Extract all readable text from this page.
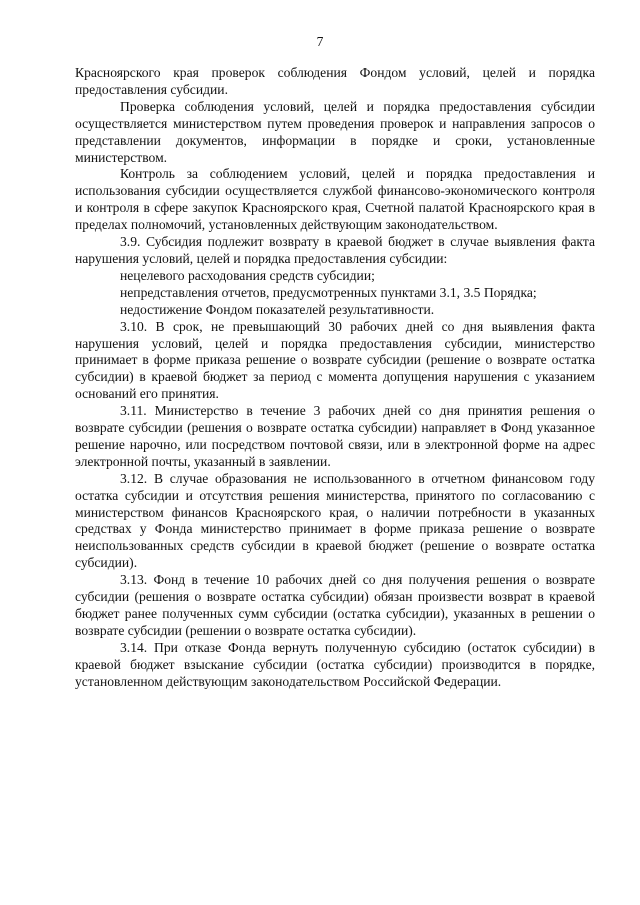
7

Красноярского края проверок соблюдения Фондом условий, целей и порядка предоставления субсидии.

Проверка соблюдения условий, целей и порядка предоставления субсидии осуществляется министерством путем проведения проверок и направления запросов о представлении документов, информации в порядке и сроки, установленные министерством.

Контроль за соблюдением условий, целей и порядка предоставления и использования субсидии осуществляется службой финансово-экономического контроля и контроля в сфере закупок Красноярского края, Счетной палатой Красноярского края в пределах полномочий, установленных действующим законодательством.

3.9. Субсидия подлежит возврату в краевой бюджет в случае выявления факта нарушения условий, целей и порядка предоставления субсидии:

нецелевого расходования средств субсидии;

непредставления отчетов, предусмотренных пунктами 3.1, 3.5 Порядка;

недостижение Фондом показателей результативности.

3.10. В срок, не превышающий 30 рабочих дней со дня выявления факта нарушения условий, целей и порядка предоставления субсидии, министерство принимает в форме приказа решение о возврате субсидии (решение о возврате остатка субсидии) в краевой бюджет за период с момента допущения нарушения с указанием оснований его принятия.

3.11. Министерство в течение 3 рабочих дней со дня принятия решения о возврате субсидии (решения о возврате остатка субсидии) направляет в Фонд указанное решение нарочно, или посредством почтовой связи, или в электронной форме на адрес электронной почты, указанный в заявлении.

3.12. В случае образования не использованного в отчетном финансовом году остатка субсидии и отсутствия решения министерства, принятого по согласованию с министерством финансов Красноярского края, о наличии потребности в указанных средствах у Фонда министерство принимает в форме приказа решение о возврате неиспользованных средств субсидии в краевой бюджет (решение о возврате остатка субсидии).

3.13. Фонд в течение 10 рабочих дней со дня получения решения о возврате субсидии (решения о возврате остатка субсидии) обязан произвести возврат в краевой бюджет ранее полученных сумм субсидии (остатка субсидии), указанных в решении о возврате субсидии (решении о возврате остатка субсидии).

3.14. При отказе Фонда вернуть полученную субсидию (остаток субсидии) в краевой бюджет взыскание субсидии (остатка субсидии) производится в порядке, установленном действующим законодательством Российской Федерации.
